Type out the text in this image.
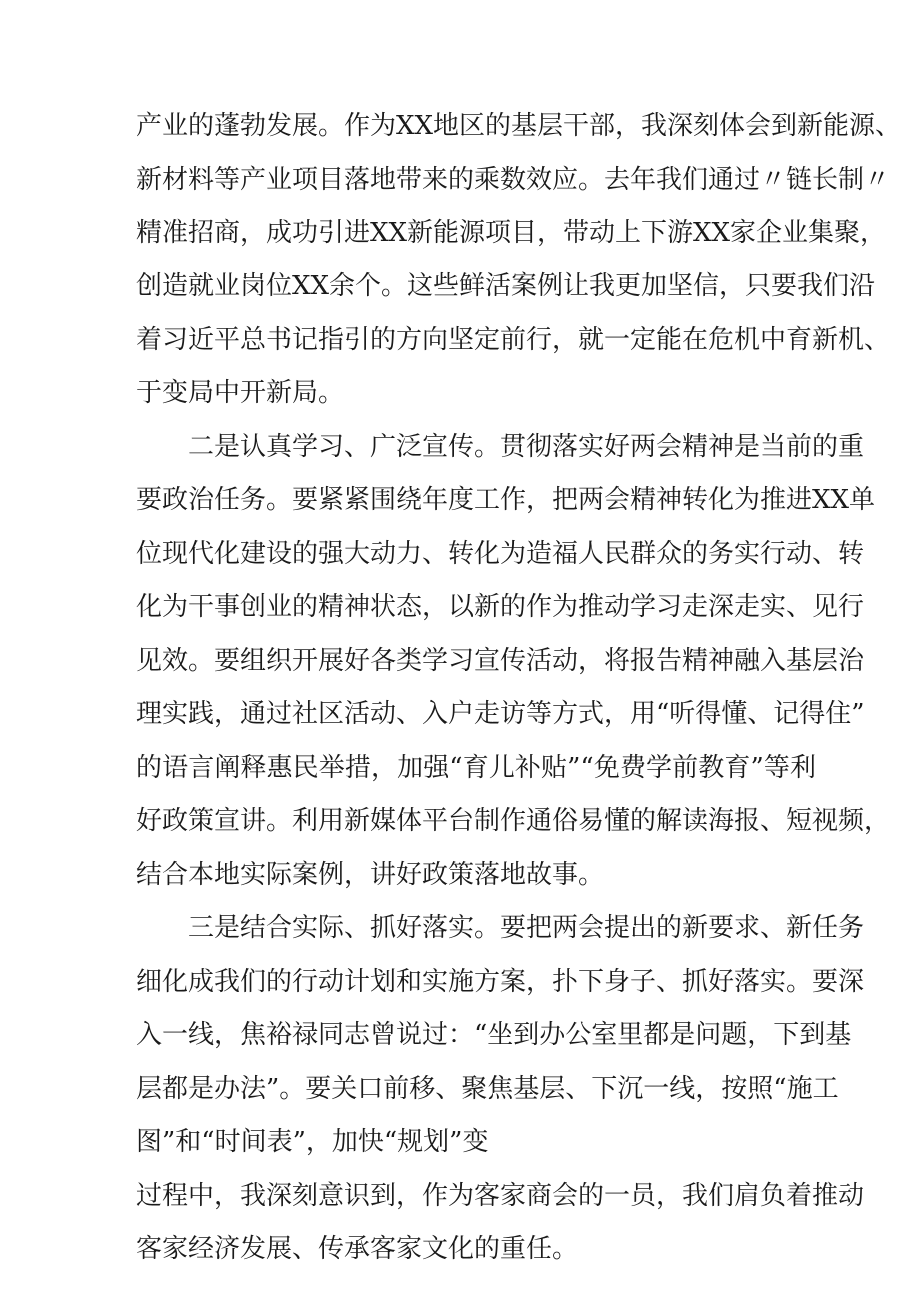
产业的蓬勃发展。作为XX地区的基层干部，我深刻体会到新能源、

新材料等产业项目落地带来的乘数效应。去年我们通过〃链长制〃

精准招商，成功引进XX新能源项目，带动上下游XX家企业集聚，

创造就业岗位XX余个。这些鲜活案例让我更加坚信，只要我们沿

着习近平总书记指引的方向坚定前行，就一定能在危机中育新机、

于变局中开新局。

二是认真学习、广泛宣传。贯彻落实好两会精神是当前的重

要政治任务。要紧紧围绕年度工作，把两会精神转化为推进XX单

位现代化建设的强大动力、转化为造福人民群众的务实行动、转

化为干事创业的精神状态，以新的作为推动学习走深走实、见行

见效。要组织开展好各类学习宣传活动，将报告精神融入基层治

理实践，通过社区活动、入户走访等方式，用“听得懂、记得住”

的语言阐释惠民举措，加强“育儿补贴”“免费学前教育”等利

好政策宣讲。利用新媒体平台制作通俗易懂的解读海报、短视频，

结合本地实际案例，讲好政策落地故事。

三是结合实际、抓好落实。要把两会提出的新要求、新任务

细化成我们的行动计划和实施方案，扑下身子、抓好落实。要深

入一线，焦裕禄同志曾说过：“坐到办公室里都是问题，下到基

层都是办法”。要关口前移、聚焦基层、下沉一线，按照“施工

图”和“时间表”，加快“规划”变

过程中，我深刻意识到，作为客家商会的一员，我们肩负着推动

客家经济发展、传承客家文化的重任。
